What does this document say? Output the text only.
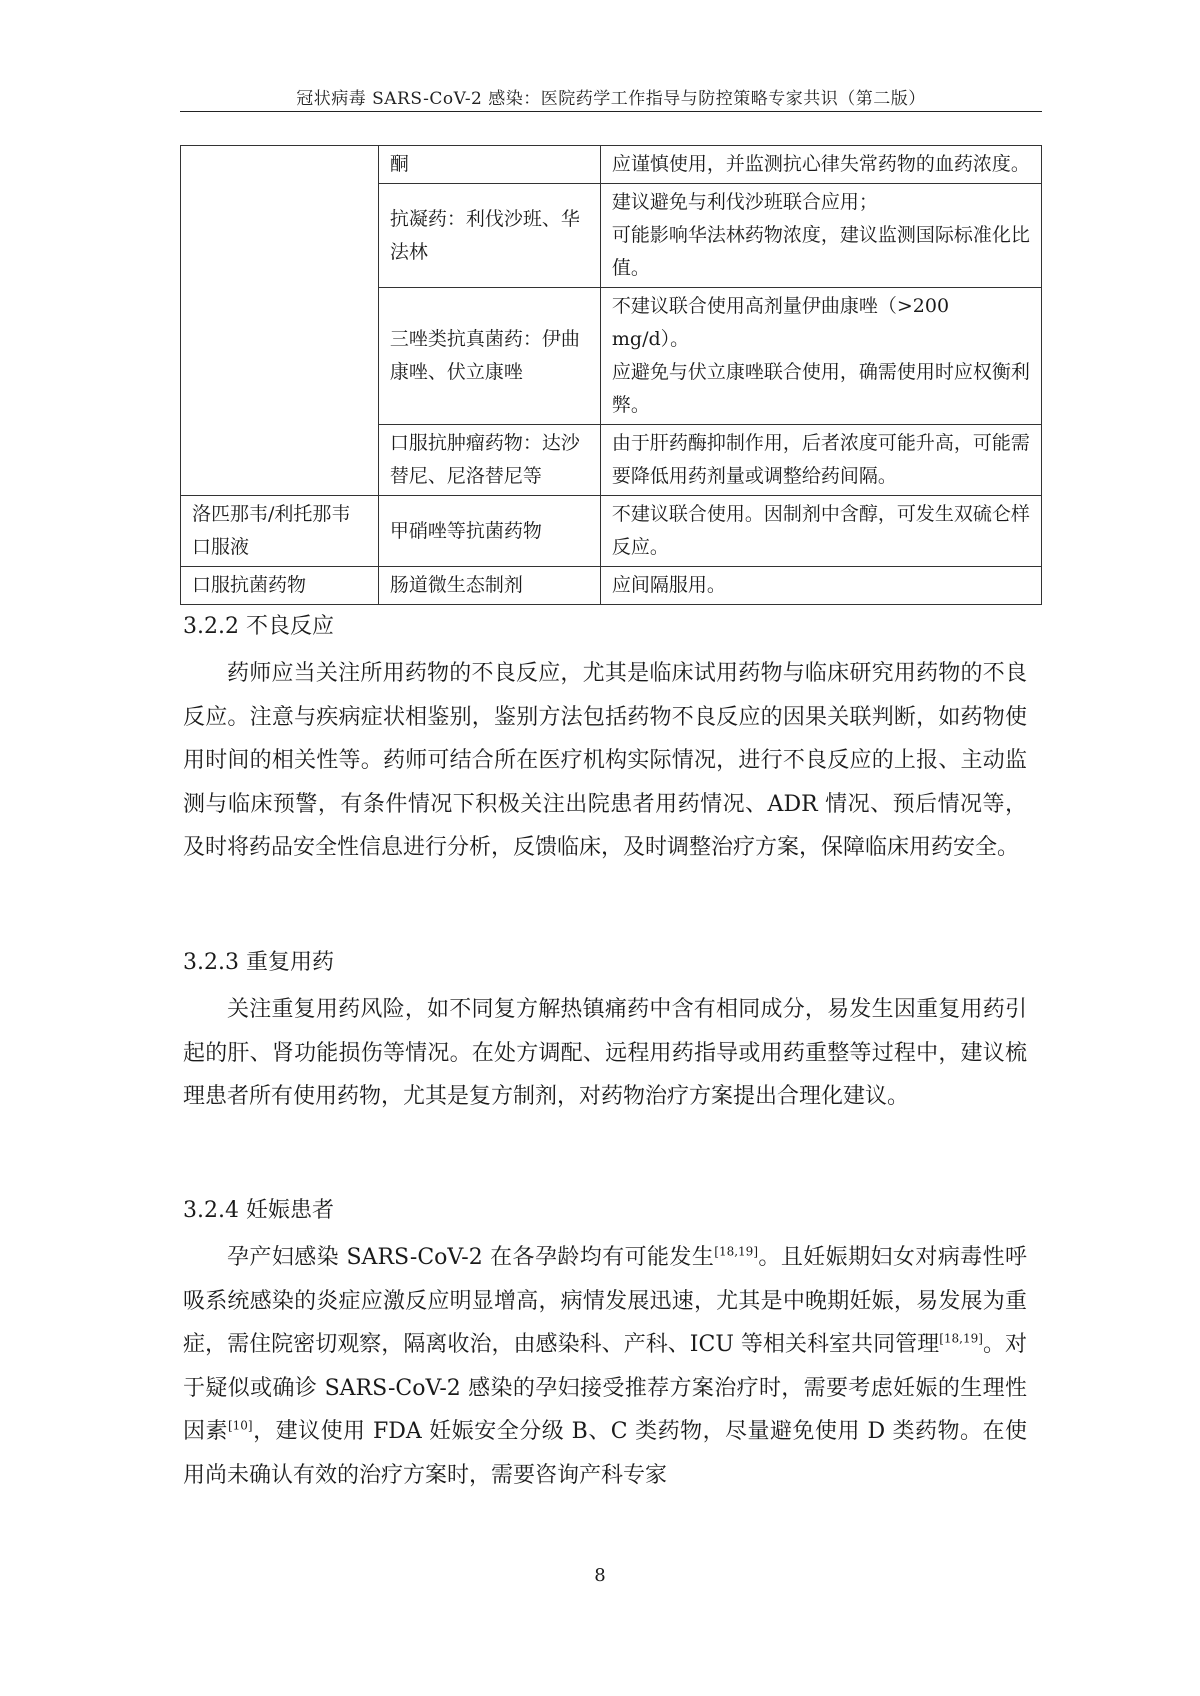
冠状病毒 SARS-CoV-2 感染：医院药学工作指导与防控策略专家共识（第二版）
	酮	应谨慎使用，并监测抗心律失常药物的血药浓度。
	抗凝药：利伐沙班、华法林	建议避免与利伐沙班联合应用；
可能影响华法林药物浓度，建议监测国际标准化比值。

	三唑类抗真菌药：伊曲康唑、伏立康唑	不建议联合使用高剂量伊曲康唑（>200 mg/d）。
应避免与伏立康唑联合使用，确需使用时应权衡利弊。

	口服抗肿瘤药物：达沙替尼、尼洛替尼等	由于肝药酶抑制作用，后者浓度可能升高，可能需要降低用药剂量或调整给药间隔。
洛匹那韦/利托那韦口服液	甲硝唑等抗菌药物	不建议联合使用。因制剂中含醇，可发生双硫仑样反应。
口服抗菌药物	肠道微生态制剂	应间隔服用。
3.2.2 不良反应

药师应当关注所用药物的不良反应，尤其是临床试用药物与临床研究用药物的不良反应。注意与疾病症状相鉴别，鉴别方法包括药物不良反应的因果关联判断，如药物使用时间的相关性等。药师可结合所在医疗机构实际情况，进行不良反应的上报、主动监测与临床预警，有条件情况下积极关注出院患者用药情况、ADR 情况、预后情况等，及时将药品安全性信息进行分析，反馈临床，及时调整治疗方案，保障临床用药安全。

3.2.3 重复用药

关注重复用药风险，如不同复方解热镇痛药中含有相同成分，易发生因重复用药引起的肝、肾功能损伤等情况。在处方调配、远程用药指导或用药重整等过程中，建议梳理患者所有使用药物，尤其是复方制剂，对药物治疗方案提出合理化建议。

3.2.4 妊娠患者

孕产妇感染 SARS-CoV-2 在各孕龄均有可能发生[18,19]。且妊娠期妇女对病毒性呼吸系统感染的炎症应激反应明显增高，病情发展迅速，尤其是中晚期妊娠，易发展为重症，需住院密切观察，隔离收治，由感染科、产科、ICU 等相关科室共同管理[18,19]。对于疑似或确诊 SARS-CoV-2 感染的孕妇接受推荐方案治疗时，需要考虑妊娠的生理性因素[10]，建议使用 FDA 妊娠安全分级 B、C 类药物，尽量避免使用 D 类药物。在使用尚未确认有效的治疗方案时，需要咨询产科专家

8
